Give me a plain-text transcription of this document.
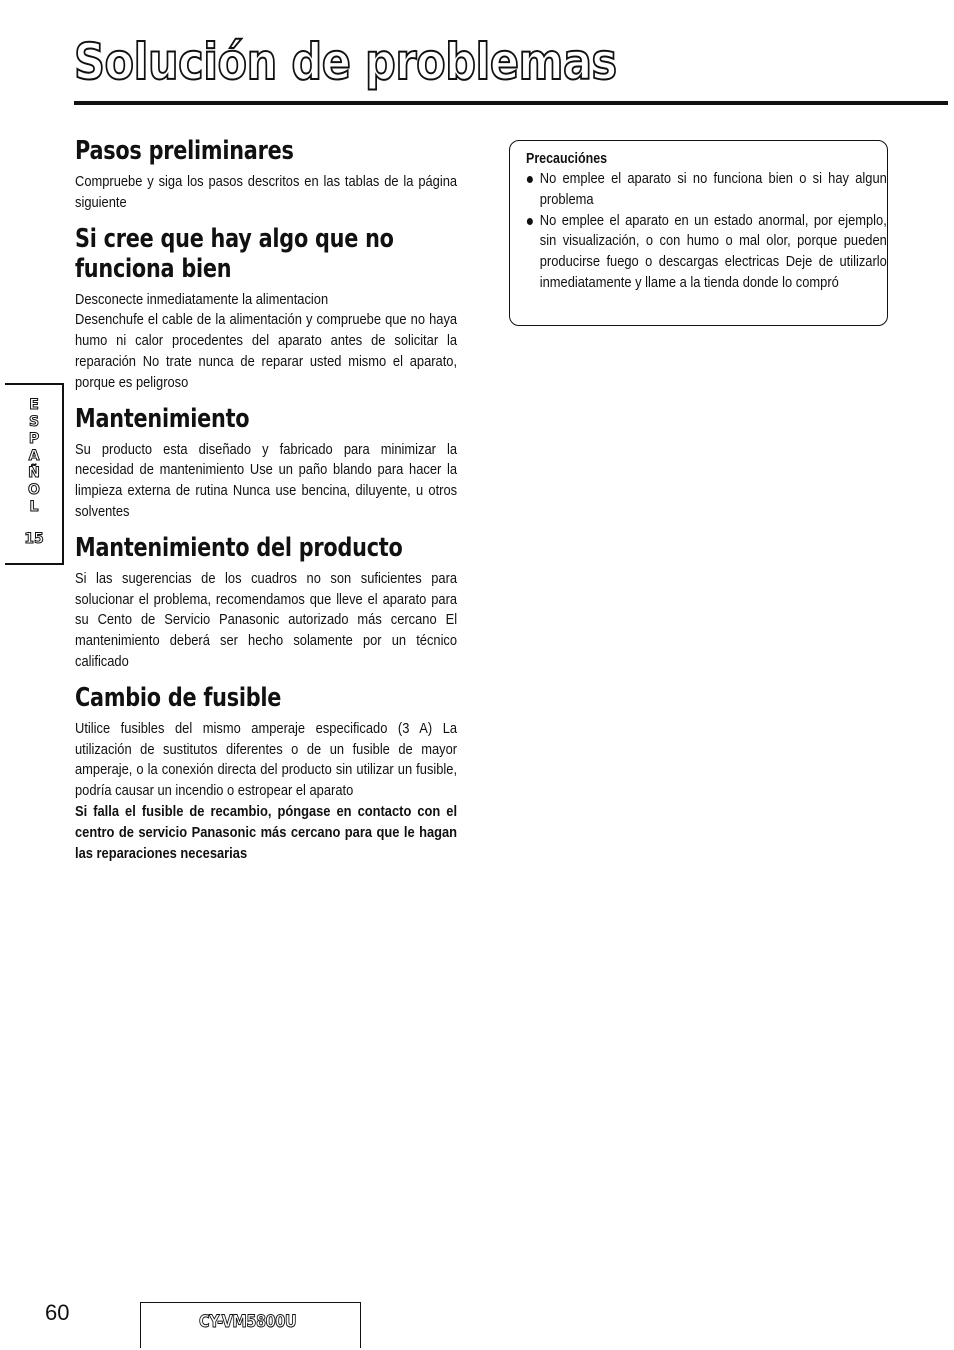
Solución de problemas
Pasos preliminares

Compruebe y siga los pasos descritos en las tablas de la página siguiente

Si cree que hay algo que no funciona bien

Desconecte inmediatamente la alimentacion

Desenchufe el cable de la alimentación y compruebe que no haya humo ni calor procedentes del aparato antes de solicitar la reparación No trate nunca de reparar usted mismo el aparato, porque es peligroso

Mantenimiento

Su producto esta diseñado y fabricado para minimizar la necesidad de mantenimiento Use un paño blando para hacer la limpieza externa de rutina Nunca use bencina, diluyente, u otros solventes

Mantenimiento del producto

Si las sugerencias de los cuadros no son suficientes para solucionar el problema, recomendamos que lleve el aparato para su Cento de Servicio Panasonic autorizado más cercano El mantenimiento deberá ser hecho solamente por un técnico calificado

Cambio de fusible

Utilice fusibles del mismo amperaje especificado (3 A) La utilización de sustitutos diferentes o de un fusible de mayor amperaje, o la conexión directa del producto sin utilizar un fusible, podría causar un incendio o estropear el aparato

Si falla el fusible de recambio, póngase en contacto con el centro de servicio Panasonic más cercano para que le hagan las reparaciones necesarias

Precauciónes
No emplee el aparato si no funciona bien o si hay algun problema
No emplee el aparato en un estado anormal, por ejemplo, sin visualización, o con humo o mal olor, porque pueden producirse fuego o descargas electricas Deje de utilizarlo inmediatamente y llame a la tienda donde lo compró
E
S
P
A
Ñ
O
L
15
60	CY-VM5800U
